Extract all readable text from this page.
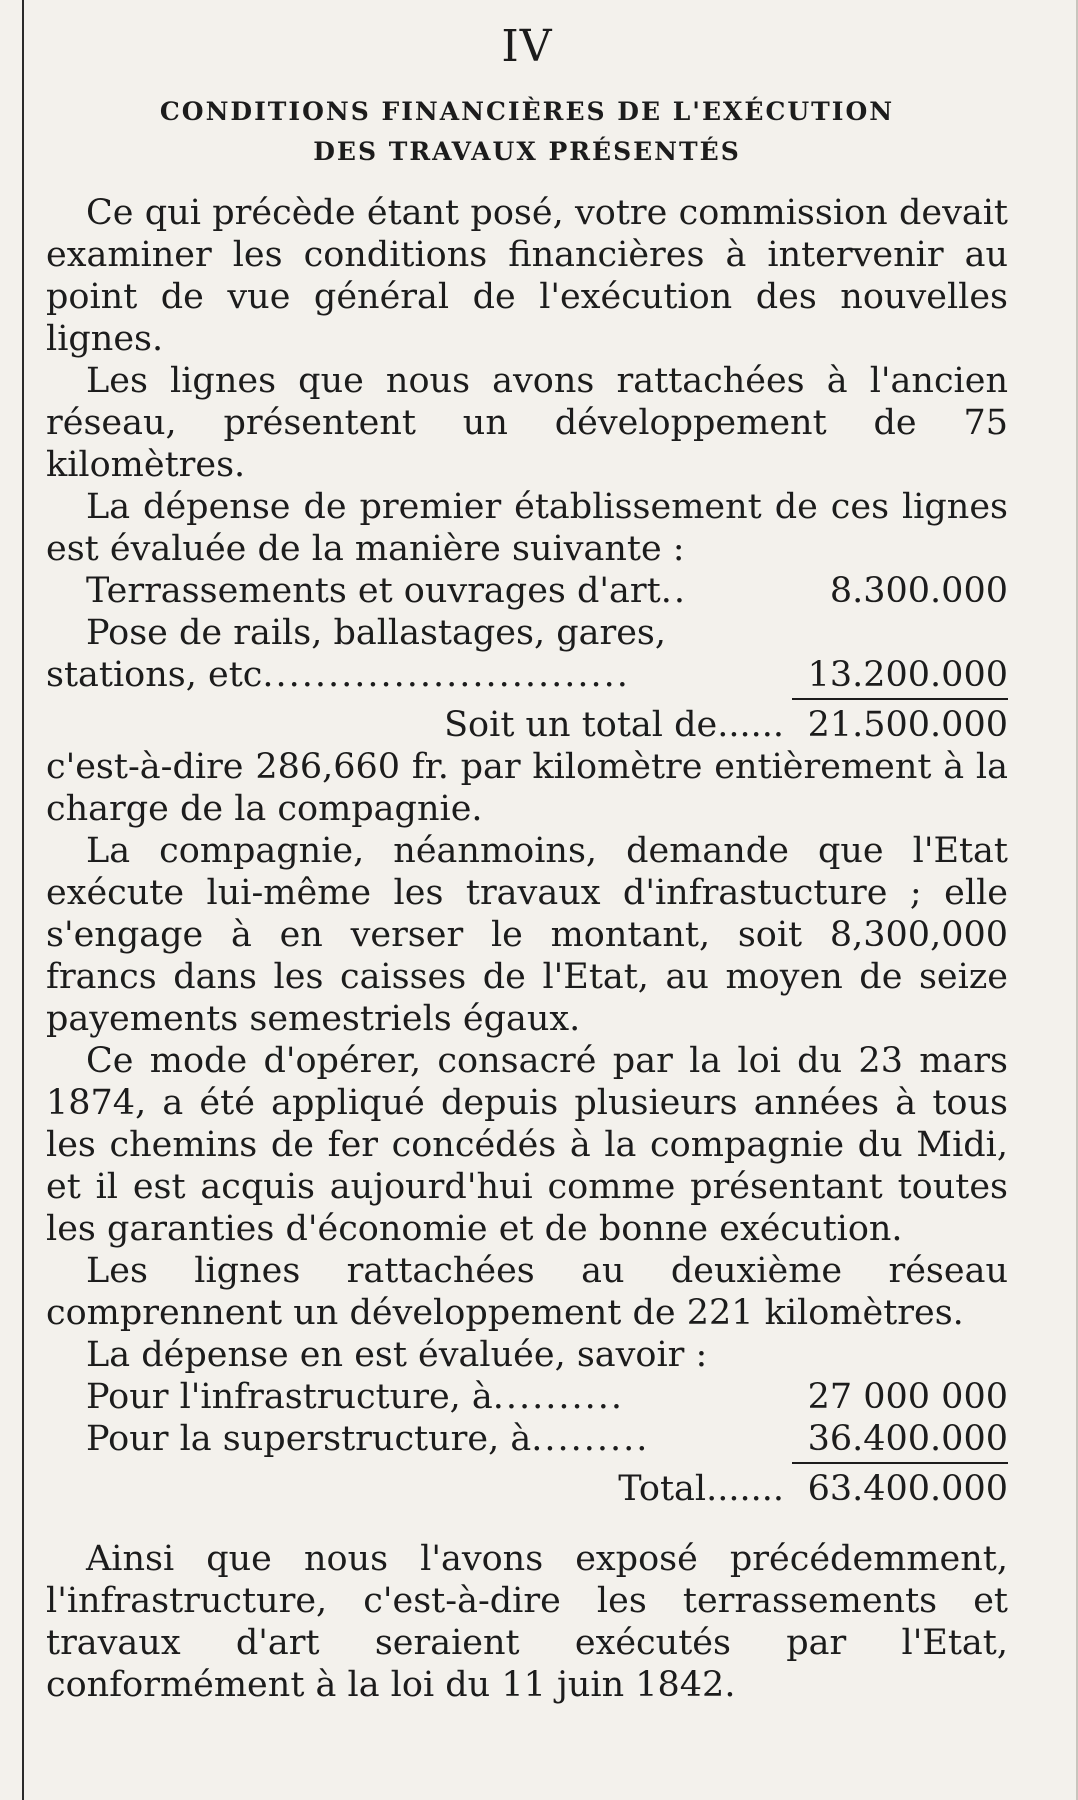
IV
CONDITIONS FINANCIÈRES DE L'EXÉCUTION
DES TRAVAUX PRÉSENTÉS

Ce qui précède étant posé, votre commission devait examiner les conditions financières à intervenir au point de vue général de l'exécution des nouvelles lignes.

Les lignes que nous avons rattachées à l'ancien réseau, présentent un développement de 75 kilomètres.

La dépense de premier établissement de ces lignes est évaluée de la manière suivante :

Terrassements et ouvrages d'art ..	8.300.000
Pose de rails, ballastages, gares,
stations, etc ............................	13.200.000
Soit un total de...... 21.500.000

c'est-à-dire 286,660 fr. par kilomètre entièrement à la charge de la compagnie.

La compagnie, néanmoins, demande que l'Etat exécute lui-même les travaux d'infrastucture ; elle s'engage à en verser le montant, soit 8,300,000 francs dans les caisses de l'Etat, au moyen de seize payements semestriels égaux.

Ce mode d'opérer, consacré par la loi du 23 mars 1874, a été appliqué depuis plusieurs années à tous les chemins de fer concédés à la compagnie du Midi, et il est acquis aujourd'hui comme présentant toutes les garanties d'économie et de bonne exécution.

Les lignes rattachées au deuxième réseau comprennent un développement de 221 kilomètres.

La dépense en est évaluée, savoir :

Pour l'infrastructure, à ..........	27 000 000
Pour la superstructure, à .........	36.400.000
Total....... 63.400.000

Ainsi que nous l'avons exposé précédemment, l'infrastructure, c'est-à-dire les terrassements et travaux d'art seraient exécutés par l'Etat, conformément à la loi du 11 juin 1842.
